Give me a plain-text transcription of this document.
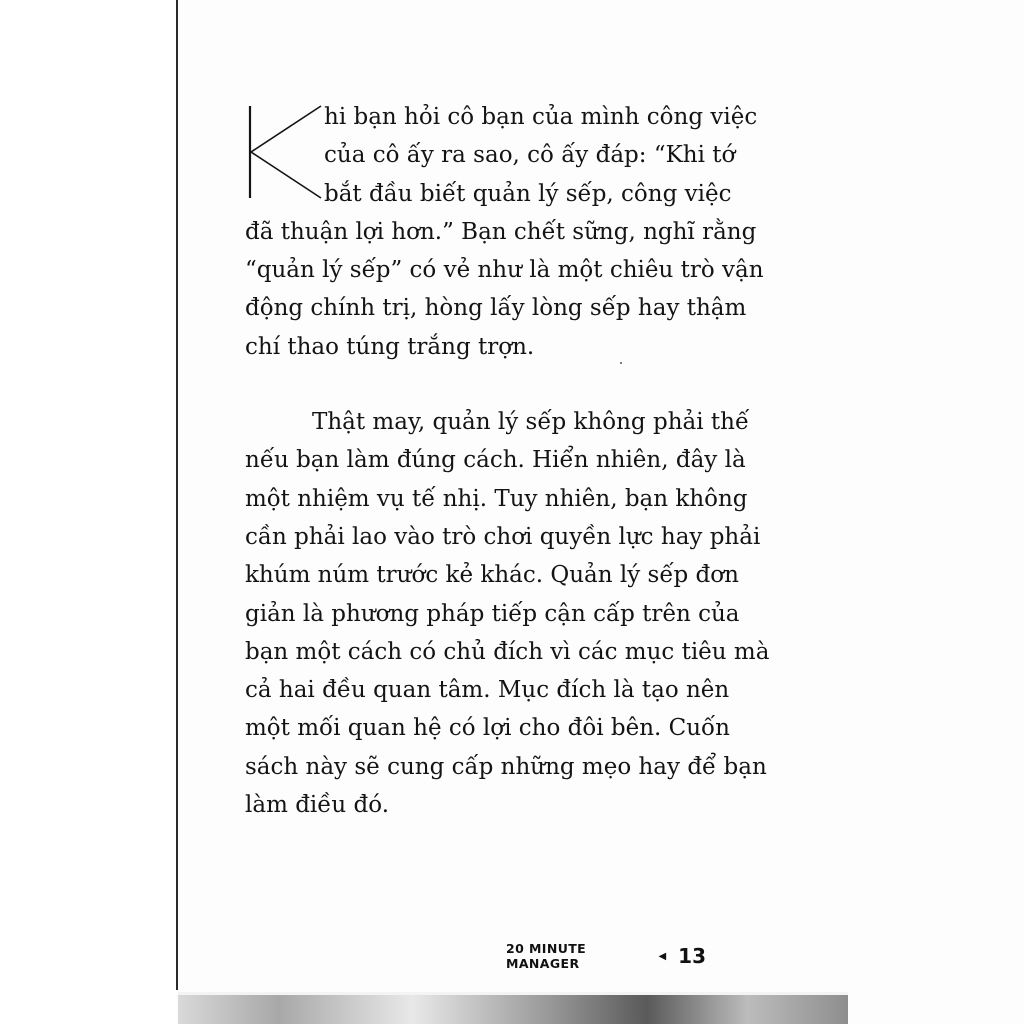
hi bạn hỏi cô bạn của mình công việc
của cô ấy ra sao, cô ấy đáp: “Khi tớ
bắt đầu biết quản lý sếp, công việc
đã thuận lợi hơn.” Bạn chết sững, nghĩ rằng
“quản lý sếp” có vẻ như là một chiêu trò vận
động chính trị, hòng lấy lòng sếp hay thậm
chí thao túng trắng trợn.
Thật may, quản lý sếp không phải thế
nếu bạn làm đúng cách. Hiển nhiên, đây là
một nhiệm vụ tế nhị. Tuy nhiên, bạn không
cần phải lao vào trò chơi quyền lực hay phải
khúm núm trước kẻ khác. Quản lý sếp đơn
giản là phương pháp tiếp cận cấp trên của
bạn một cách có chủ đích vì các mục tiêu mà
cả hai đều quan tâm. Mục đích là tạo nên
một mối quan hệ có lợi cho đôi bên. Cuốn
sách này sẽ cung cấp những mẹo hay để bạn
làm điều đó.
20 MINUTE MANAGER	◀ 13
